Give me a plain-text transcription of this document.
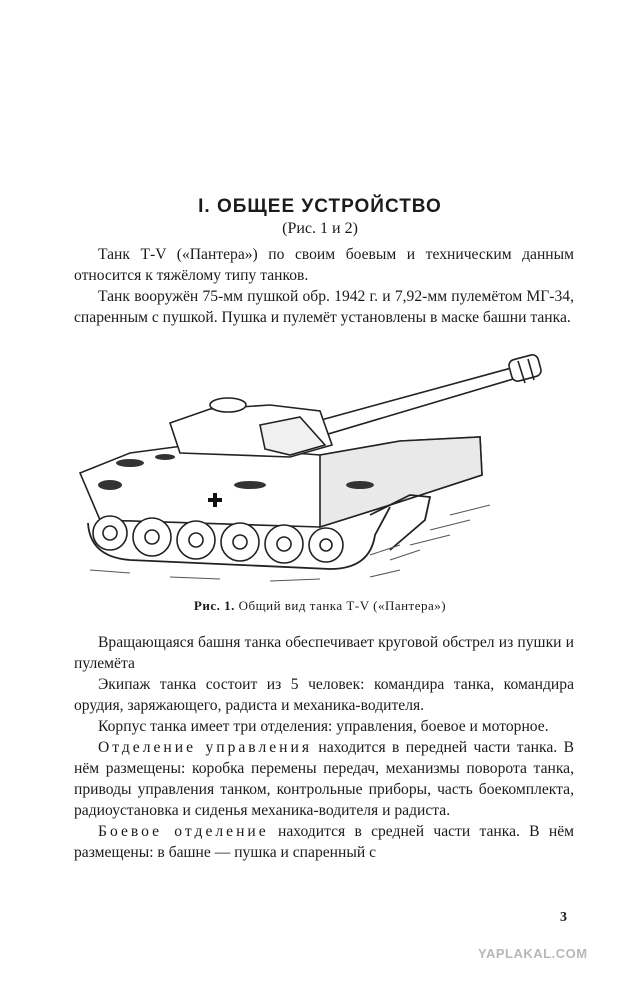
I. ОБЩЕЕ УСТРОЙСТВО
(Рис. 1 и 2)

Танк Т-V («Пантера») по своим боевым и техническим данным относится к тяжёлому типу танков.

Танк вооружён 75-мм пушкой обр. 1942 г. и 7,92-мм пулемётом МГ-34, спаренным с пушкой. Пушка и пулемёт установлены в маске башни танка.

Рис. 1. Общий вид танка Т-V («Пантера»)

Вращающаяся башня танка обеспечивает круговой обстрел из пушки и пулемёта

Экипаж танка состоит из 5 человек: командира танка, командира орудия, заряжающего, радиста и механика-водителя.

Корпус танка имеет три отделения: управления, боевое и моторное.

Отделение управления находится в передней части танка. В нём размещены: коробка перемены передач, механизмы поворота танка, приводы управления танком, контрольные приборы, часть боекомплекта, радиоустановка и сиденья механика-водителя и радиста.

Боевое отделение находится в средней части танка. В нём размещены: в башне — пушка и спаренный с

3
YAPLAKAL.COM
